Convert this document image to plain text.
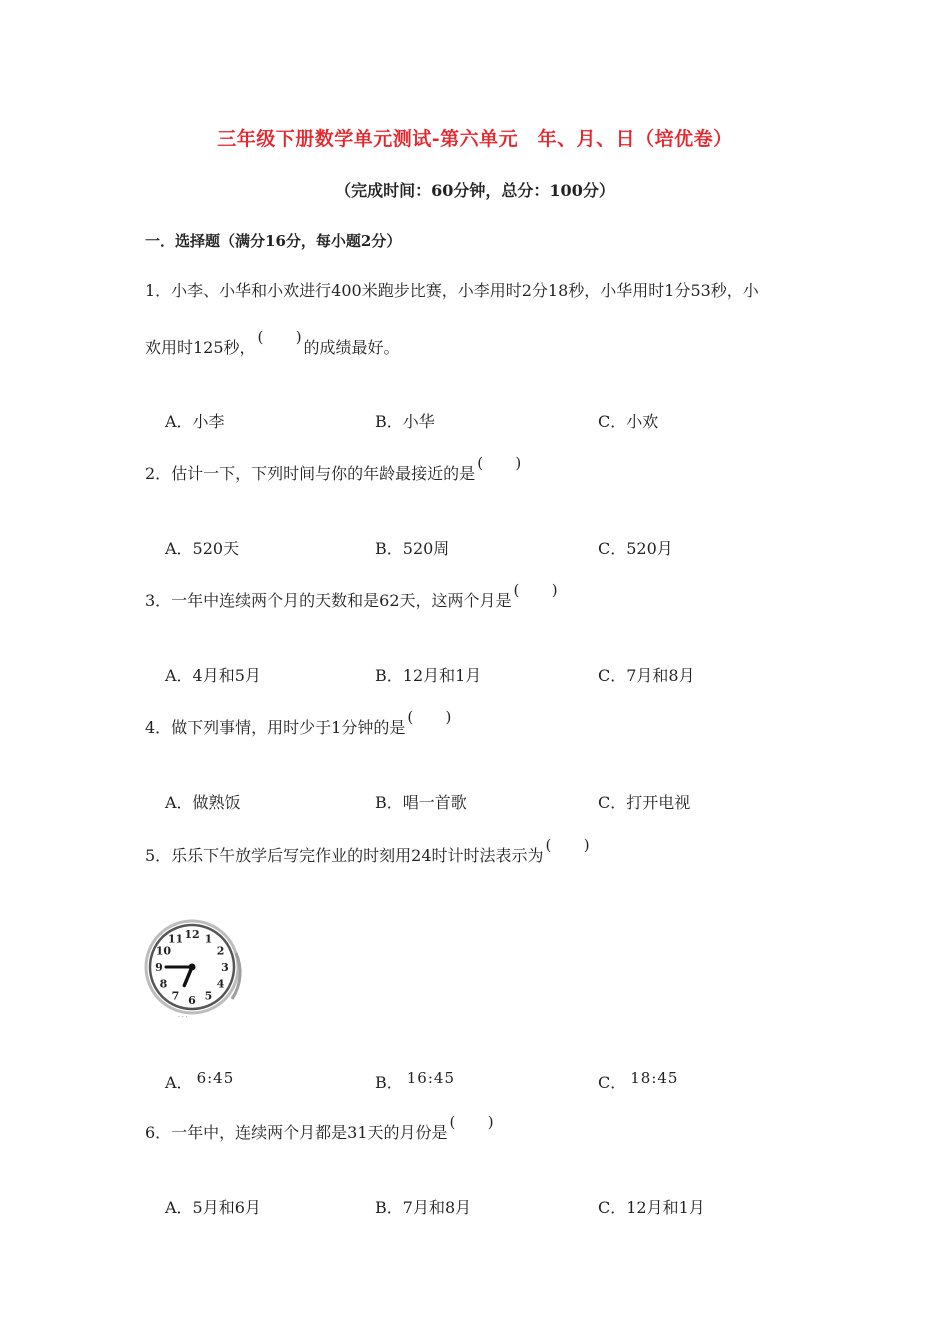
三年级下册数学单元测试-第六单元　年、月、日（培优卷）
（完成时间：60分钟，总分：100分）
一．选择题（满分16分，每小题2分）
1．小李、小华和小欢进行400米跑步比赛，小李用时2分18秒，小华用时1分53秒，小
欢用时125秒，
( )
的成绩最好。
A．小李	B．小华	C．小欢
2．估计一下，下列时间与你的年龄最接近的是
( )
A．520天	B．520周	C．520月
3．一年中连续两个月的天数和是62天，这两个月是
( )
A．4月和5月	B．12月和1月	C．7月和8月
4．做下列事情，用时少于1分钟的是
( )
A．做熟饭	B．唱一首歌	C．打开电视
5．乐乐下午放学后写完作业的时刻用24时计时法表示为
( )
12 1
2
3
4
5
6
7
8
9
10
11
· · ·
A． 6:45	B． 16:45	C． 18:45
6．一年中，连续两个月都是31天的月份是
( )
A．5月和6月	B．7月和8月	C．12月和1月
